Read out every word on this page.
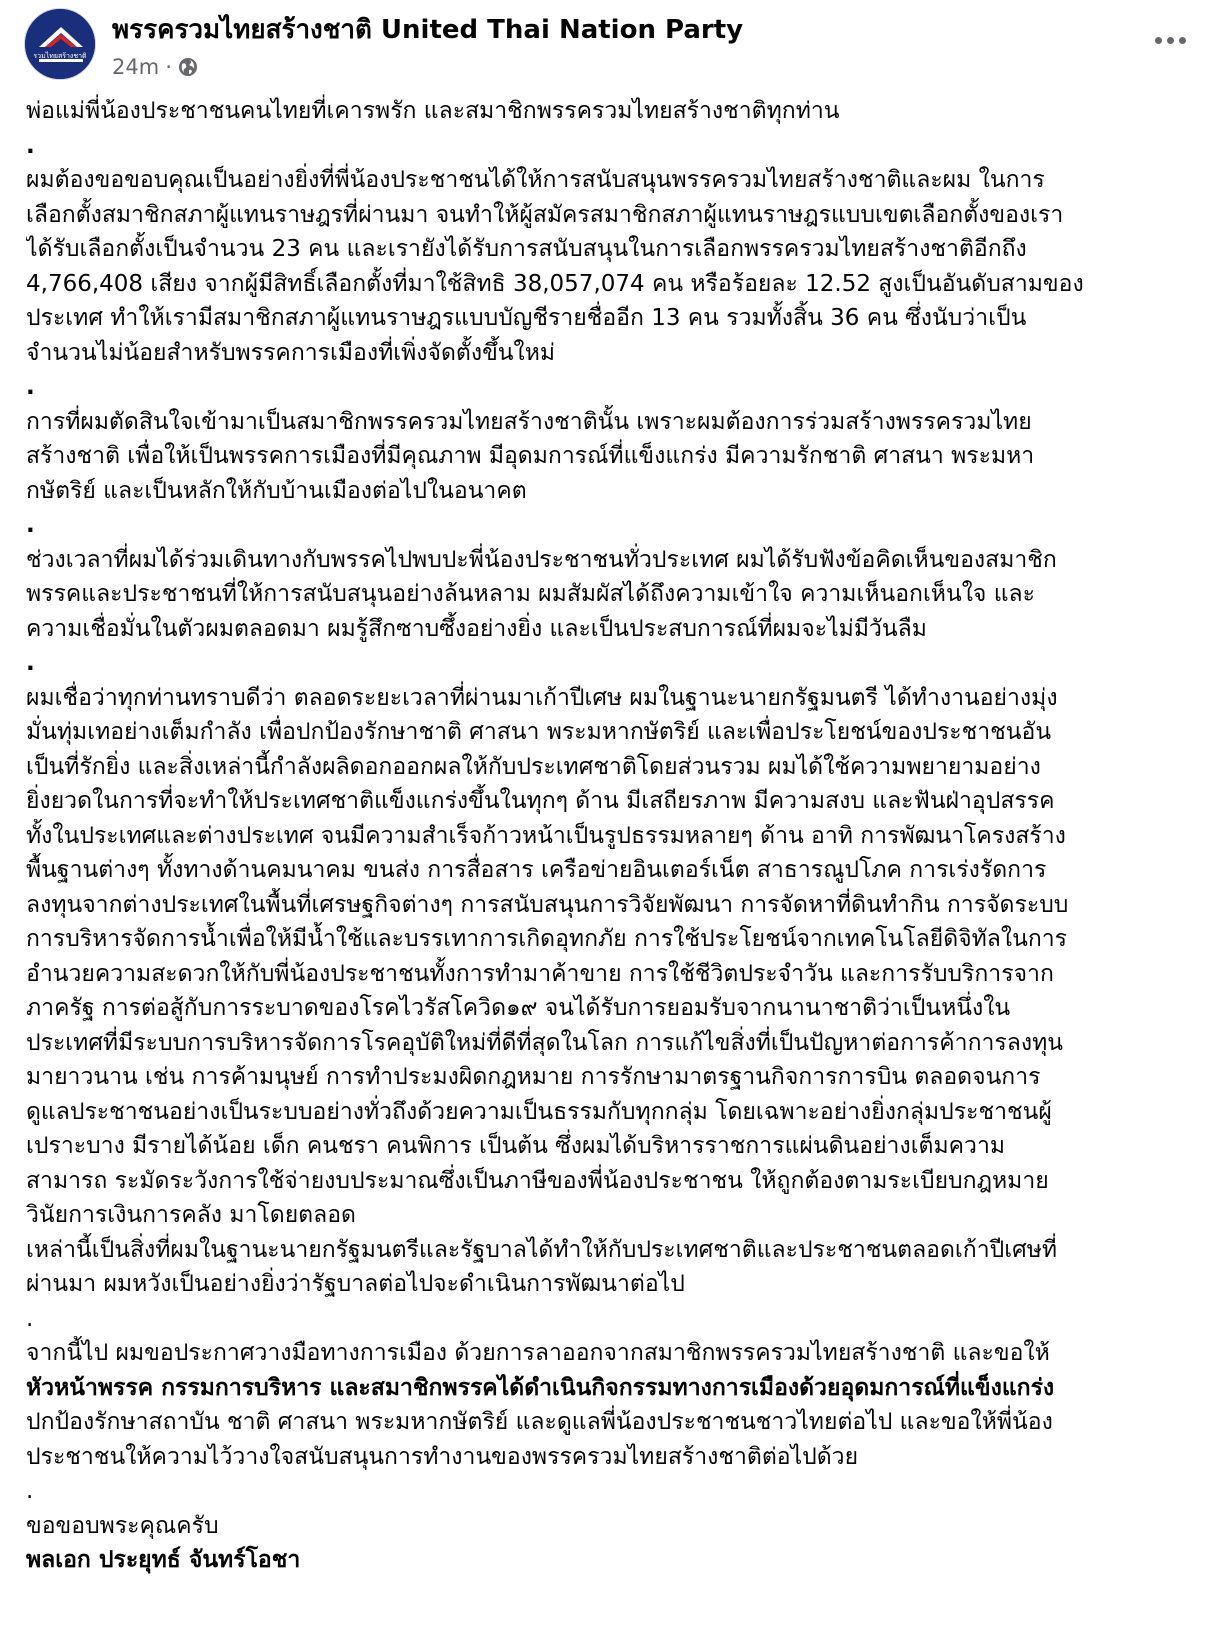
รวมไทยสร้างชาติ
พรรครวมไทยสร้างชาติ United Thai Nation Party
24m ·
พ่อแม่พี่น้องประชาชนคนไทยที่เคารพรัก และสมาชิกพรรครวมไทยสร้างชาติทุกท่าน
.
ผมต้องขอขอบคุณเป็นอย่างยิ่งที่พี่น้องประชาชนได้ให้การสนับสนุนพรรครวมไทยสร้างชาติและผม ในการ
เลือกตั้งสมาชิกสภาผู้แทนราษฎรที่ผ่านมา จนทำให้ผู้สมัครสมาชิกสภาผู้แทนราษฎรแบบเขตเลือกตั้งของเรา
ได้รับเลือกตั้งเป็นจำนวน 23 คน และเรายังได้รับการสนับสนุนในการเลือกพรรครวมไทยสร้างชาติอีกถึง
4,766,408 เสียง จากผู้มีสิทธิ์เลือกตั้งที่มาใช้สิทธิ 38,057,074 คน หรือร้อยละ 12.52 สูงเป็นอันดับสามของ
ประเทศ ทำให้เรามีสมาชิกสภาผู้แทนราษฎรแบบบัญชีรายชื่ออีก 13 คน รวมทั้งสิ้น 36 คน ซึ่งนับว่าเป็น
จำนวนไม่น้อยสำหรับพรรคการเมืองที่เพิ่งจัดตั้งขึ้นใหม่
.
การที่ผมตัดสินใจเข้ามาเป็นสมาชิกพรรครวมไทยสร้างชาตินั้น เพราะผมต้องการร่วมสร้างพรรครวมไทย
สร้างชาติ เพื่อให้เป็นพรรคการเมืองที่มีคุณภาพ มีอุดมการณ์ที่แข็งแกร่ง มีความรักชาติ ศาสนา พระมหา
กษัตริย์ และเป็นหลักให้กับบ้านเมืองต่อไปในอนาคต
.
ช่วงเวลาที่ผมได้ร่วมเดินทางกับพรรคไปพบปะพี่น้องประชาชนทั่วประเทศ ผมได้รับฟังข้อคิดเห็นของสมาชิก
พรรคและประชาชนที่ให้การสนับสนุนอย่างล้นหลาม ผมสัมผัสได้ถึงความเข้าใจ ความเห็นอกเห็นใจ และ
ความเชื่อมั่นในตัวผมตลอดมา ผมรู้สึกซาบซึ้งอย่างยิ่ง และเป็นประสบการณ์ที่ผมจะไม่มีวันลืม
.
ผมเชื่อว่าทุกท่านทราบดีว่า ตลอดระยะเวลาที่ผ่านมาเก้าปีเศษ ผมในฐานะนายกรัฐมนตรี ได้ทำงานอย่างมุ่ง
มั่นทุ่มเทอย่างเต็มกำลัง เพื่อปกป้องรักษาชาติ ศาสนา พระมหากษัตริย์ และเพื่อประโยชน์ของประชาชนอัน
เป็นที่รักยิ่ง และสิ่งเหล่านี้กำลังผลิดอกออกผลให้กับประเทศชาติโดยส่วนรวม ผมได้ใช้ความพยายามอย่าง
ยิ่งยวดในการที่จะทำให้ประเทศชาติแข็งแกร่งขึ้นในทุกๆ ด้าน มีเสถียรภาพ มีความสงบ และฟันฝ่าอุปสรรค
ทั้งในประเทศและต่างประเทศ จนมีความสำเร็จก้าวหน้าเป็นรูปธรรมหลายๆ ด้าน อาทิ การพัฒนาโครงสร้าง
พื้นฐานต่างๆ ทั้งทางด้านคมนาคม ขนส่ง การสื่อสาร เครือข่ายอินเตอร์เน็ต สาธารณูปโภค การเร่งรัดการ
ลงทุนจากต่างประเทศในพื้นที่เศรษฐกิจต่างๆ การสนับสนุนการวิจัยพัฒนา การจัดหาที่ดินทำกิน การจัดระบบ
การบริหารจัดการน้ำเพื่อให้มีน้ำใช้และบรรเทาการเกิดอุทกภัย การใช้ประโยชน์จากเทคโนโลยีดิจิทัลในการ
อำนวยความสะดวกให้กับพี่น้องประชาชนทั้งการทำมาค้าขาย การใช้ชีวิตประจำวัน และการรับบริการจาก
ภาครัฐ การต่อสู้กับการระบาดของโรคไวรัสโควิด๑๙ จนได้รับการยอมรับจากนานาชาติว่าเป็นหนึ่งใน
ประเทศที่มีระบบการบริหารจัดการโรคอุบัติใหม่ที่ดีที่สุดในโลก การแก้ไขสิ่งที่เป็นปัญหาต่อการค้าการลงทุน
มายาวนาน เช่น การค้ามนุษย์ การทำประมงผิดกฎหมาย การรักษามาตรฐานกิจการการบิน ตลอดจนการ
ดูแลประชาชนอย่างเป็นระบบอย่างทั่วถึงด้วยความเป็นธรรมกับทุกกลุ่ม โดยเฉพาะอย่างยิ่งกลุ่มประชาชนผู้
เปราะบาง มีรายได้น้อย เด็ก คนชรา คนพิการ เป็นต้น ซึ่งผมได้บริหารราชการแผ่นดินอย่างเต็มความ
สามารถ ระมัดระวังการใช้จ่ายงบประมาณซึ่งเป็นภาษีของพี่น้องประชาชน ให้ถูกต้องตามระเบียบกฎหมาย
วินัยการเงินการคลัง มาโดยตลอด
เหล่านี้เป็นสิ่งที่ผมในฐานะนายกรัฐมนตรีและรัฐบาลได้ทำให้กับประเทศชาติและประชาชนตลอดเก้าปีเศษที่
ผ่านมา ผมหวังเป็นอย่างยิ่งว่ารัฐบาลต่อไปจะดำเนินการพัฒนาต่อไป
.
จากนี้ไป ผมขอประกาศวางมือทางการเมือง ด้วยการลาออกจากสมาชิกพรรครวมไทยสร้างชาติ และขอให้
หัวหน้าพรรค กรรมการบริหาร และสมาชิกพรรคได้ดำเนินกิจกรรมทางการเมืองด้วยอุดมการณ์ที่แข็งแกร่ง
ปกป้องรักษาสถาบัน ชาติ ศาสนา พระมหากษัตริย์ และดูแลพี่น้องประชาชนชาวไทยต่อไป และขอให้พี่น้อง
ประชาชนให้ความไว้วางใจสนับสนุนการทำงานของพรรครวมไทยสร้างชาติต่อไปด้วย
.
ขอขอบพระคุณครับ
พลเอก ประยุทธ์ จันทร์โอชา
